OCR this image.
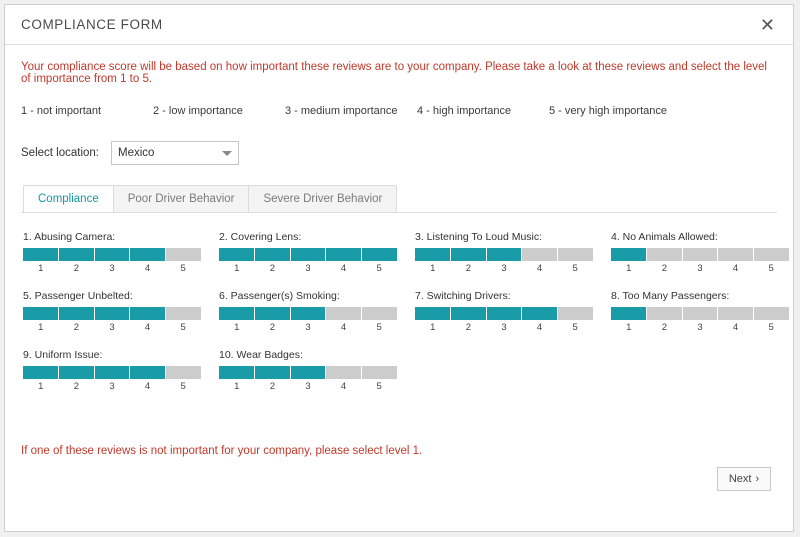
COMPLIANCE FORM	✕

Your compliance score will be based on how important these reviews are to your company. Please take a look at these reviews and select the level of importance from 1 to 5.

1 - not important	2 - low importance	3 - medium importance	4 - high importance	5 - very high importance
Select location: Mexico
Compliance	Poor Driver Behavior	Severe Driver Behavior
1. Abusing Camera:
1	2	3	4	5
2. Covering Lens:
1	2	3	4	5
3. Listening To Loud Music:
1	2	3	4	5
4. No Animals Allowed:
1	2	3	4	5
5. Passenger Unbelted:
1	2	3	4	5
6. Passenger(s) Smoking:
1	2	3	4	5
7. Switching Drivers:
1	2	3	4	5
8. Too Many Passengers:
1	2	3	4	5
9. Uniform Issue:
1	2	3	4	5
10. Wear Badges:
1	2	3	4	5
If one of these reviews is not important for your company, please select level 1.
Next ›
